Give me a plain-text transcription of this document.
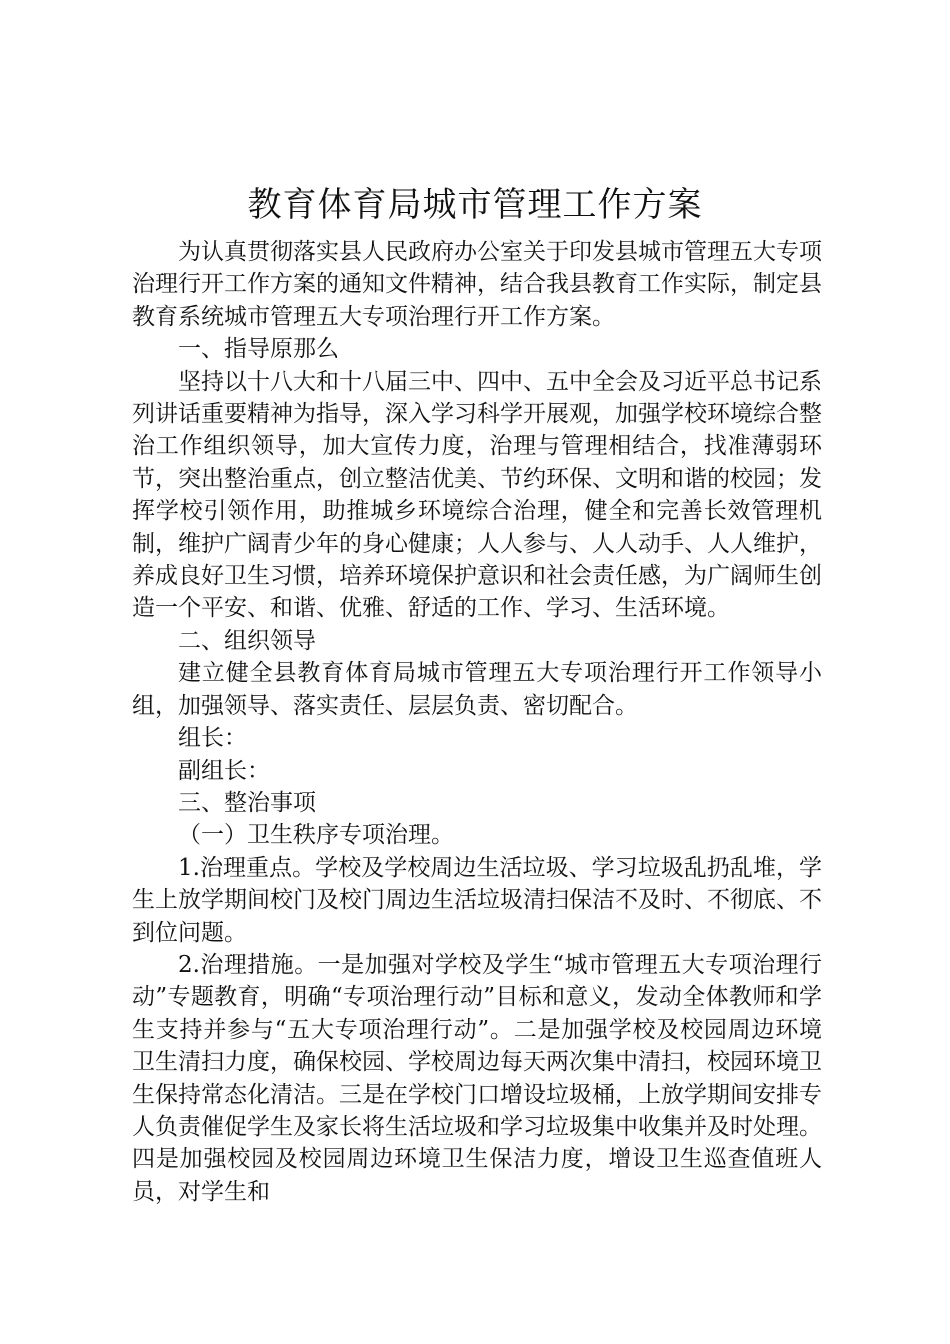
教育体育局城市管理工作方案

为认真贯彻落实县人民政府办公室关于印发县城市管理五大专项治理行开工作方案的通知文件精神，结合我县教育工作实际，制定县教育系统城市管理五大专项治理行开工作方案。

一、指导原那么

坚持以十八大和十八届三中、四中、五中全会及习近平总书记系列讲话重要精神为指导，深入学习科学开展观，加强学校环境综合整治工作组织领导，加大宣传力度，治理与管理相结合，找准薄弱环节，突出整治重点，创立整洁优美、节约环保、文明和谐的校园；发挥学校引领作用，助推城乡环境综合治理，健全和完善长效管理机制，维护广阔青少年的身心健康；人人参与、人人动手、人人维护，养成良好卫生习惯，培养环境保护意识和社会责任感，为广阔师生创造一个平安、和谐、优雅、舒适的工作、学习、生活环境。

二、组织领导

建立健全县教育体育局城市管理五大专项治理行开工作领导小组，加强领导、落实责任、层层负责、密切配合。

组长：

副组长：

三、整治事项

（一）卫生秩序专项治理。

1.治理重点。学校及学校周边生活垃圾、学习垃圾乱扔乱堆，学生上放学期间校门及校门周边生活垃圾清扫保洁不及时、不彻底、不到位问题。

2.治理措施。一是加强对学校及学生“城市管理五大专项治理行动”专题教育，明确“专项治理行动”目标和意义，发动全体教师和学生支持并参与“五大专项治理行动”。二是加强学校及校园周边环境卫生清扫力度，确保校园、学校周边每天两次集中清扫，校园环境卫生保持常态化清洁。三是在学校门口增设垃圾桶，上放学期间安排专人负责催促学生及家长将生活垃圾和学习垃圾集中收集并及时处理。四是加强校园及校园周边环境卫生保洁力度，增设卫生巡查值班人员，对学生和
